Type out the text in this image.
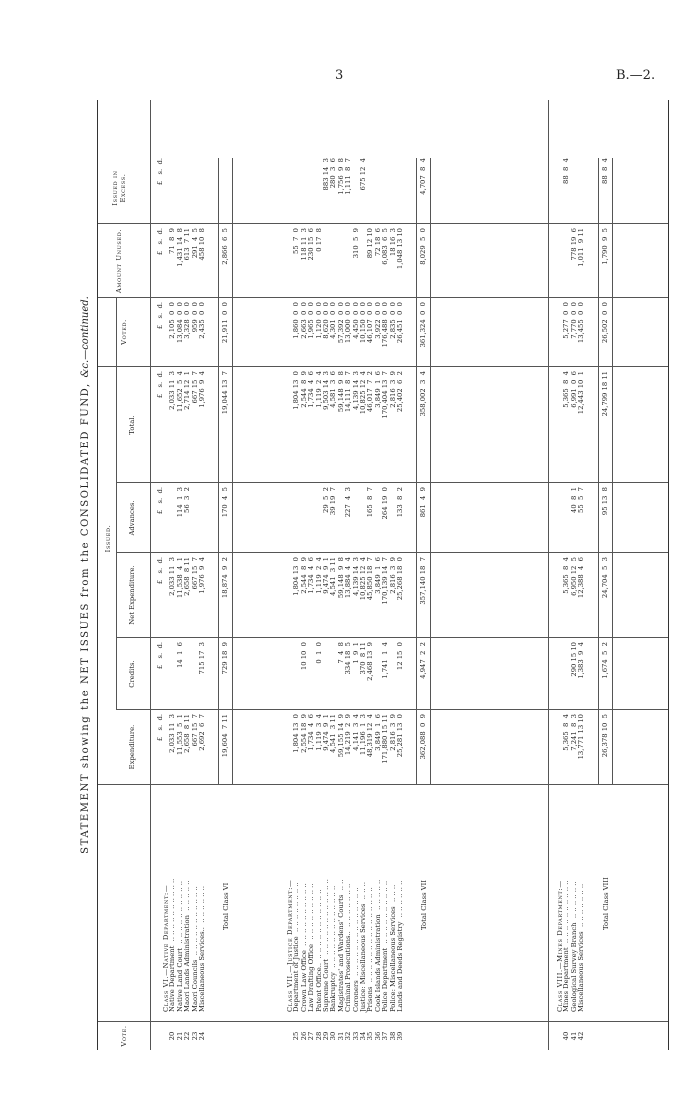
3	B.—2.
STATEMENT showing the NET ISSUES from the CONSOLIDATED FUND, &c.—continued.
Vote.
Issued.
Expenditure.
Credits.
Net Expenditure.
Advances.
Total.
Voted.
Amount Unused.
Issued in Excess.
£   s.  d.
£   s.  d.
£   s.  d.
£   s.  d.
£   s.  d.
£   s.  d.
£   s.  d.
£   s.  d.
Class VI.—Native Department:—
20
Native Department  .. .. .. .. .. .. .. .. .. ..
2,033 11  3
2,033 11  3
2,033 11  3
2,105  0  0
71  8  9
21
Native Land Court  .. .. .. .. .. .. .. .. .. ..
11,553  5  1
14  1  6
11,538  4  1
114  1  3
11,652  5  4
13,084  0  0
1,431 14  8
22
Maori Lands Administration  .. .. .. .. ..
2,658  8 11
2,658  8 11
56  3  2
2,714 12  1
3,328  0  0
613  7 11
23
Maori Councils  .. .. .. .. .. .. .. .. .. .. ..
667 15  7
667 15  7
667 15  7
959  0  0
291  4  5
24
Miscellaneous Services..  .. .. .. .. .. ..
2,692  6  7
715 17  3
1,976  9  4
1,976  9  4
2,435  0  0
458 10  8
Total Class VI
19,604  7 11
729 18  9
18,874  9  2
170  4  5
19,044 13  7
21,911  0  0
2,866  6  5
Class VII.—Justice Department:—
25
Department of Justice  .. .. .. .. .. .. .. ..
1,804 13  0
1,804 13  0
1,804 13  0
1,860  0  0
55  7  0
26
Crown Law Office  .. .. .. .. .. .. .. .. .. ..
2,554 18  9
10 10  0
2,544  8  9
2,544  8  9
2,663  0  0
118 11  3
27
Law Drafting Office  .. .. .. .. .. .. .. .. ..
1,734  4  6
1,734  4  6
1,734  4  6
1,965  0  0
230 15  6
28
Patent Office..  .. .. .. .. .. .. .. .. .. .. ..
1,119  3  4
0  1  0
1,119  2  4
1,119  2  4
1,120  0  0
0 17  8
29
Supreme Court  .. .. .. .. .. .. .. .. .. .. .. ..
9,474  9  1
9,474  9  1
29  5  2
9,503 14  3
8,620  0  0
883 14  3
30
Bankruptcy  .. .. .. .. .. .. .. .. .. .. .. .. ..
4,541  3 11
4,541  3 11
39 19  7
4,581  3  6
4,301  0  0
280  3  6
31
Magistrates' and Wardens' Courts  .. ..
59,155 14  9
7  4  8
59,148  9  8
59,148  9  8
57,392  0  0
1,756  9  8
32
Criminal Prosecutions..  .. .. .. .. .. .. ..
14,219  2  9
334 18  5
13,884  4  4
227  4  3
14,111  8  7
13,000  0  0
1,111  8  7
33
Coroners  .. .. .. .. .. .. .. .. .. .. .. .. .. ..
4,141  3  4
1  9  1
4,139 14  3
4,139 14  3
4,450  0  0
310  5  9
34
Justice: Miscellaneous Services  .. .. ..
11,196  1  3
370  8 11
10,825 12  4
10,825 12  4
10,150  0  0
675 12  4
35
Prisons  .. .. .. .. .. .. .. .. .. .. .. .. .. .. ..
48,319 12  4
2,468 13  9
45,850 18  7
165  8  7
46,017  7  2
46,107  0  0
89 12 10
36
Cook Islands Administration  .. .. .. .. ..
3,849  1  6
3,849  1  6
3,849  1  6
3,922  0  0
72 18  6
37
Police Department  .. .. .. .. .. .. .. .. .. ..
171,880 15 11
1,741  1  4
170,139 14  7
264 19  0
170,404 13  7
176,488  0  0
6,083  6  5
38
Police: Miscellaneous Services  .. .. ..
2,816  3  9
2,816  3  9
2,816  3  9
2,835  0  0
18 16  3
39
Lands and Deeds Registry  .. .. .. .. .. ..
25,281 13  0
12 15  0
25,268 18  0
133  8  2
25,402  6  2
26,451  0  0
1,048 13 10
Total Class VII
362,088  0  9
4,947  2  2
357,140 18  7
861  4  9
358,002  3  4
361,324  0  0
8,029  5  0
4,707  8  4
Class VIII.—Mines Department:—
40
Mines Department  .. .. .. .. .. .. .. .. .. ..
5,365  8  4
5,365  8  4
5,365  8  4
5,277  0  0
88  8  4
41
Geological Survey Branch  .. .. .. .. .. ..
7,241  8  3
290 15 10
6,950 12  5
40  8  1
6,991  0  6
7,770  0  0
778 19  6
42
Miscellaneous Services  .. .. .. .. .. .. ..
13,771 13 10
1,383  9  4
12,388  4  6
55  5  7
12,443 10  1
13,455  0  0
1,011  9 11
Total Class VIII
26,378 10  5
1,674  5  2
24,704  5  3
95 13  8
24,799 18 11
26,502  0  0
1,790  9  5
88  8  4
